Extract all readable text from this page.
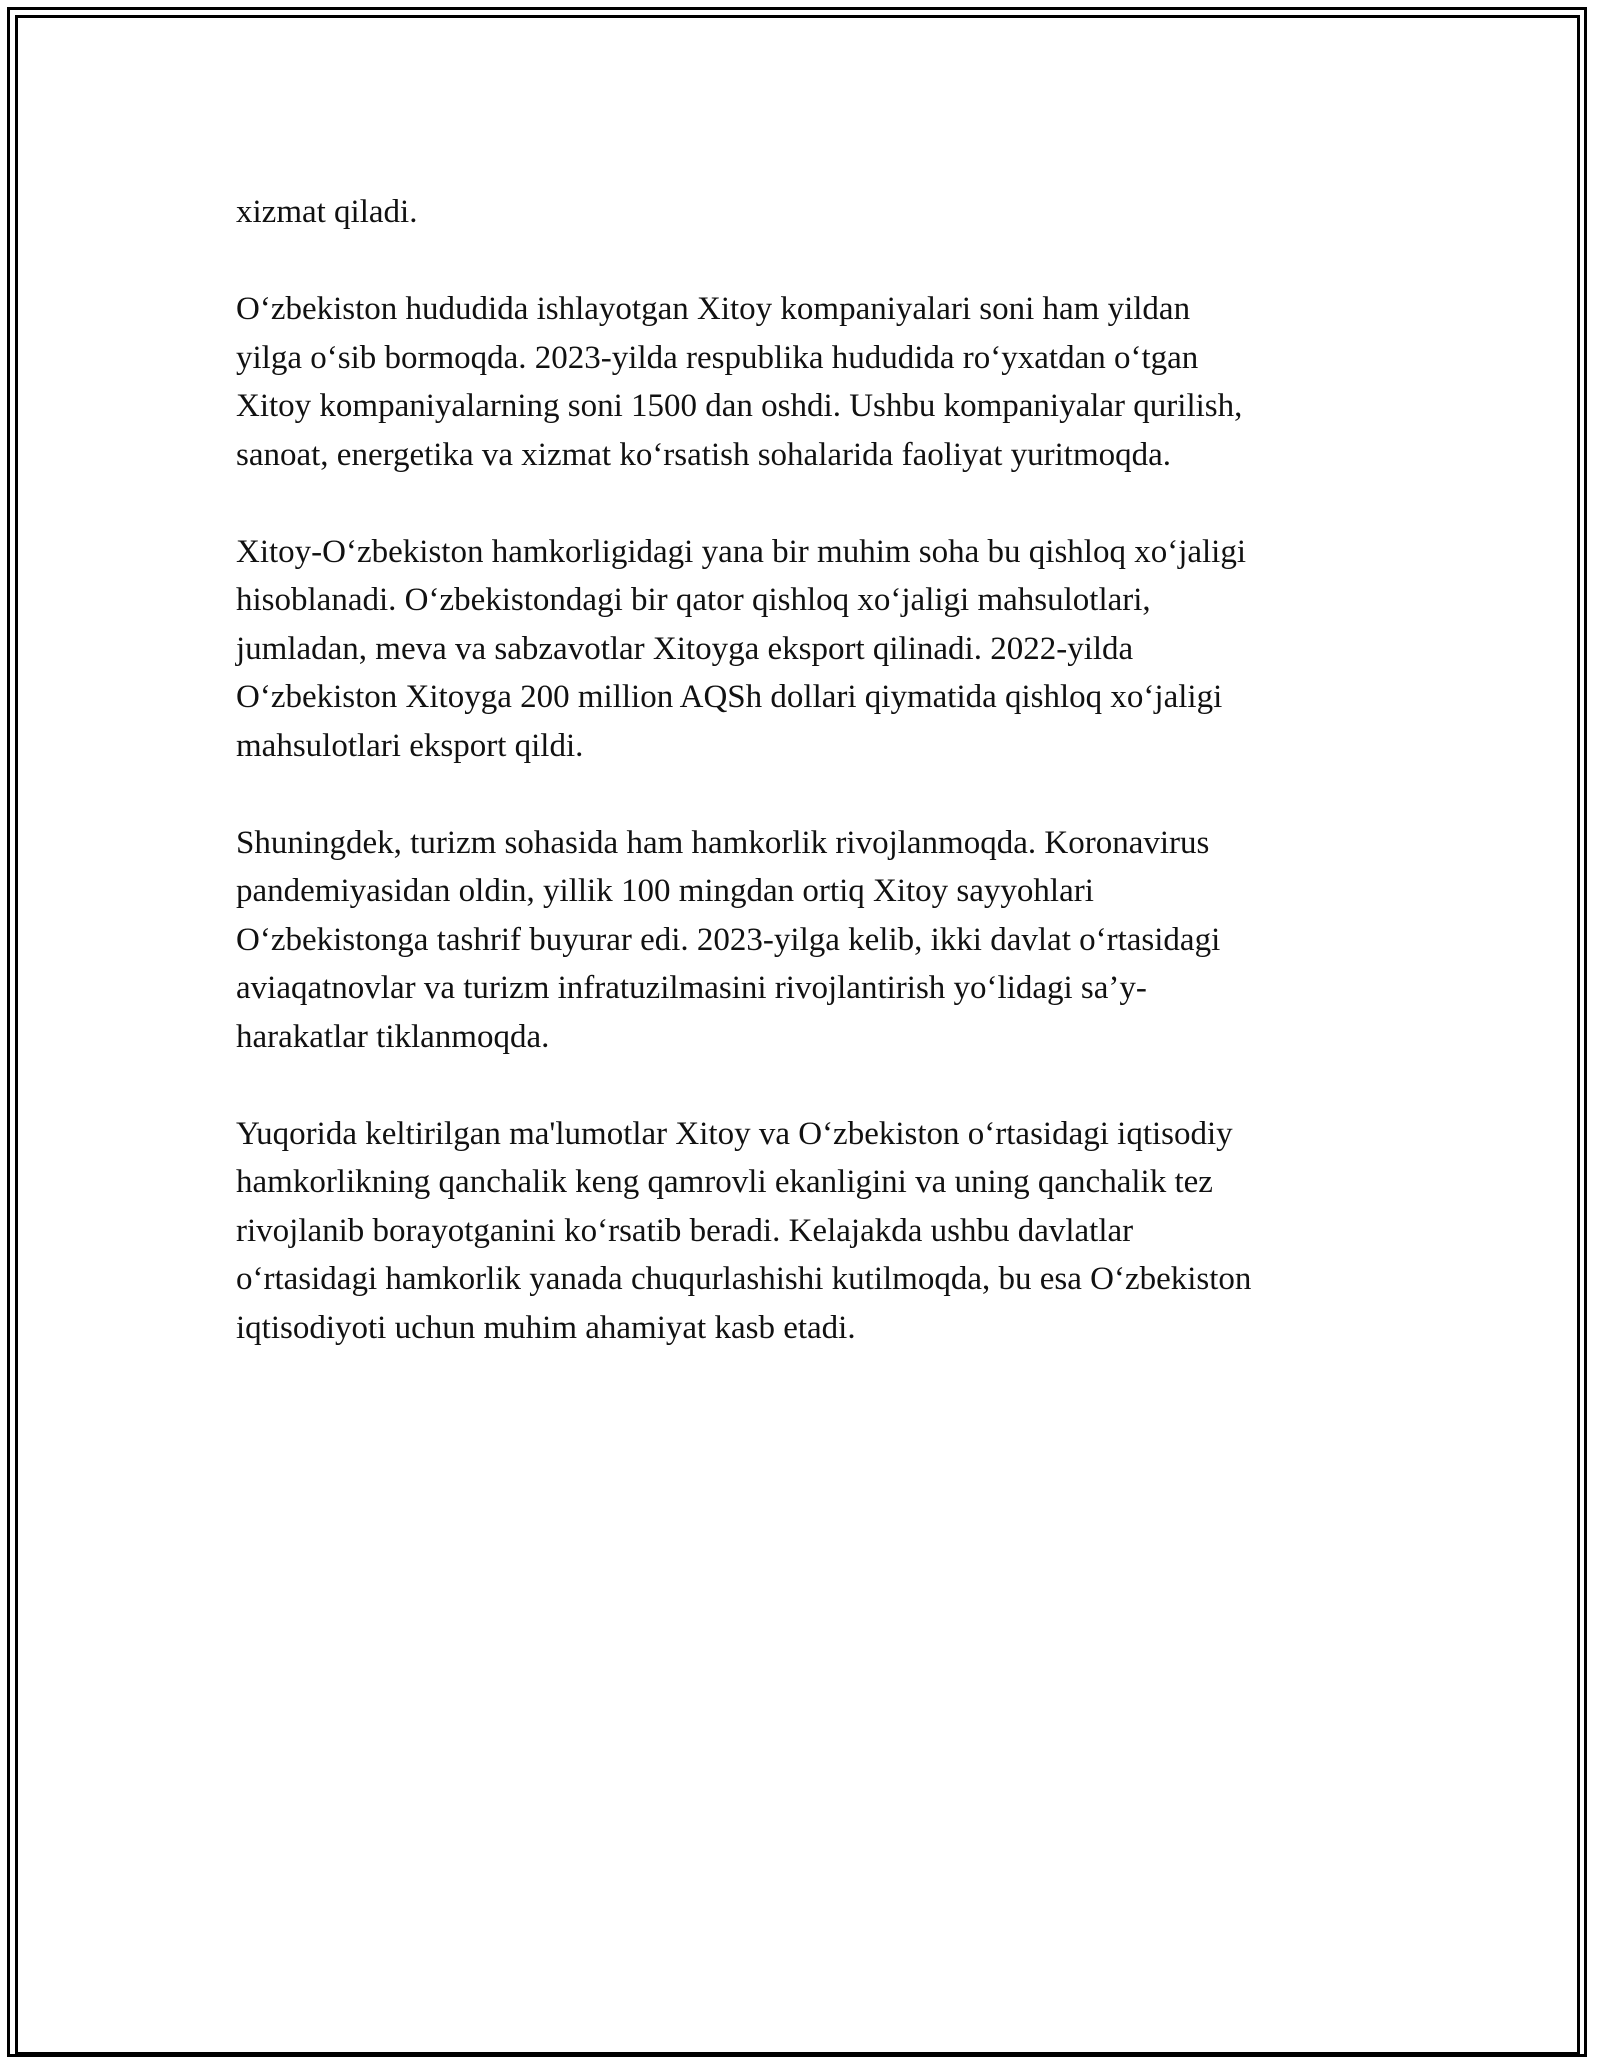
xizmat qiladi.

O‘zbekiston hududida ishlayotgan Xitoy kompaniyalari soni ham yildan
yilga o‘sib bormoqda. 2023-yilda respublika hududida ro‘yxatdan o‘tgan
Xitoy kompaniyalarning soni 1500 dan oshdi. Ushbu kompaniyalar qurilish,
sanoat, energetika va xizmat ko‘rsatish sohalarida faoliyat yuritmoqda.

Xitoy-O‘zbekiston hamkorligidagi yana bir muhim soha bu qishloq xo‘jaligi
hisoblanadi. O‘zbekistondagi bir qator qishloq xo‘jaligi mahsulotlari,
jumladan, meva va sabzavotlar Xitoyga eksport qilinadi. 2022-yilda
O‘zbekiston Xitoyga 200 million AQSh dollari qiymatida qishloq xo‘jaligi
mahsulotlari eksport qildi.

Shuningdek, turizm sohasida ham hamkorlik rivojlanmoqda. Koronavirus
pandemiyasidan oldin, yillik 100 mingdan ortiq Xitoy sayyohlari
O‘zbekistonga tashrif buyurar edi. 2023-yilga kelib, ikki davlat o‘rtasidagi
aviaqatnovlar va turizm infratuzilmasini rivojlantirish yo‘lidagi sa’y-
harakatlar tiklanmoqda.

Yuqorida keltirilgan ma'lumotlar Xitoy va O‘zbekiston o‘rtasidagi iqtisodiy
hamkorlikning qanchalik keng qamrovli ekanligini va uning qanchalik tez
rivojlanib borayotganini ko‘rsatib beradi. Kelajakda ushbu davlatlar
o‘rtasidagi hamkorlik yanada chuqurlashishi kutilmoqda, bu esa O‘zbekiston
iqtisodiyoti uchun muhim ahamiyat kasb etadi.
